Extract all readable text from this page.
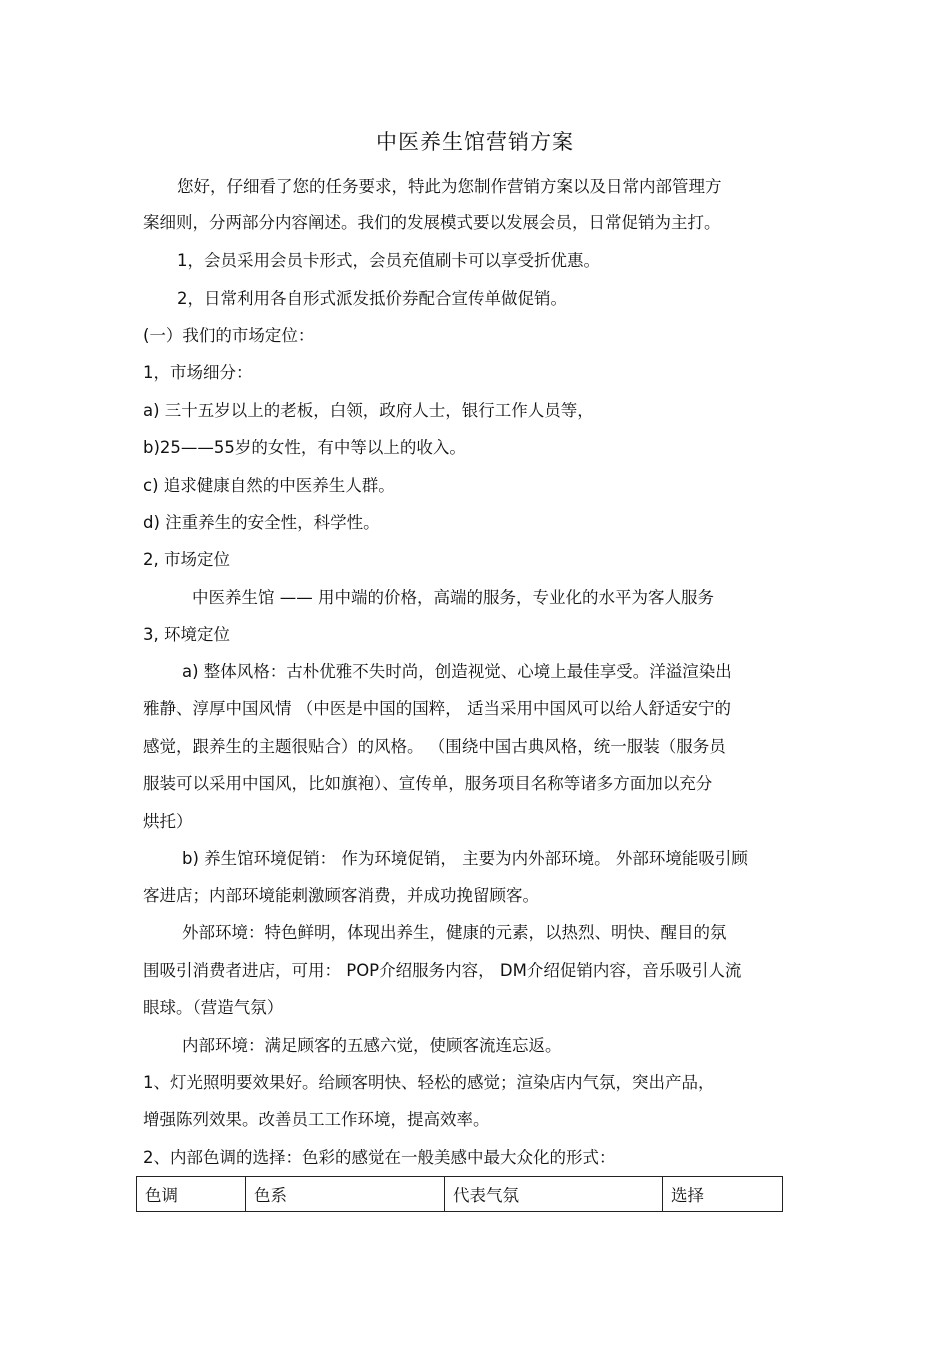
中医养生馆营销方案
您好，仔细看了您的任务要求，特此为您制作营销方案以及日常内部管理方
案细则，分两部分内容阐述。我们的发展模式要以发展会员，日常促销为主打。
1，会员采用会员卡形式，会员充值刷卡可以享受折优惠。
2，日常利用各自形式派发抵价券配合宣传单做促销。
(一）我们的市场定位：
1，市场细分：
a) 三十五岁以上的老板，白领，政府人士，银行工作人员等，
b)25——55岁的女性，有中等以上的收入。
c) 追求健康自然的中医养生人群。
d) 注重养生的安全性，科学性。
2, 市场定位
中医养生馆 —— 用中端的价格，高端的服务，专业化的水平为客人服务
3, 环境定位
a) 整体风格：古朴优雅不失时尚，创造视觉、心境上最佳享受。洋溢渲染出
雅静、淳厚中国风情 （中医是中国的国粹， 适当采用中国风可以给人舒适安宁的
感觉，跟养生的主题很贴合）的风格。 （围绕中国古典风格，统一服装（服务员
服装可以采用中国风，比如旗袍）、宣传单，服务项目名称等诸多方面加以充分
烘托）
b) 养生馆环境促销： 作为环境促销， 主要为内外部环境。 外部环境能吸引顾
客进店；内部环境能刺激顾客消费，并成功挽留顾客。
外部环境：特色鲜明，体现出养生，健康的元素，以热烈、明快、醒目的氛
围吸引消费者进店，可用： POP介绍服务内容， DM介绍促销内容，音乐吸引人流
眼球。（营造气氛）
内部环境：满足顾客的五感六觉，使顾客流连忘返。
1、灯光照明要效果好。给顾客明快、轻松的感觉；渲染店内气氛，突出产品，
增强陈列效果。改善员工工作环境，提高效率。
2、内部色调的选择：色彩的感觉在一般美感中最大众化的形式：
色调	色系	代表气氛	选择
